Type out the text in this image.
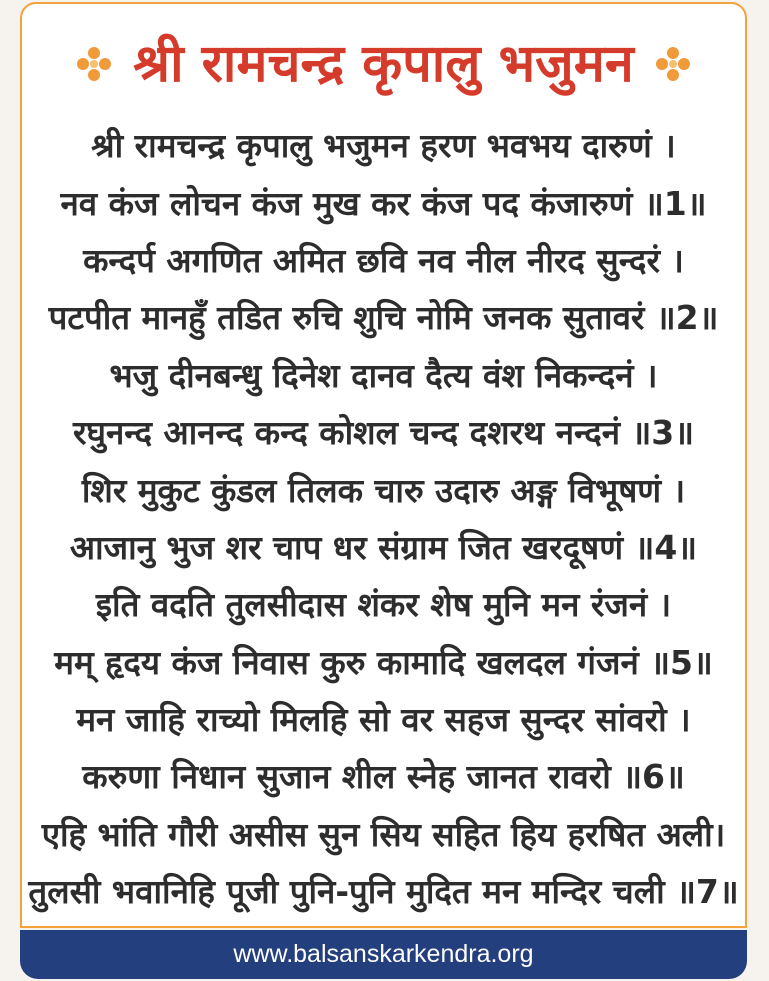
श्री रामचन्द्र कृपालु भजुमन
श्री रामचन्द्र कृपालु भजुमन हरण भवभय दारुणं ।
नव कंज लोचन कंज मुख कर कंज पद कंजारुणं ॥1॥
कन्दर्प अगणित अमित छवि नव नील नीरद सुन्दरं ।
पटपीत मानहुँ तडित रुचि शुचि नोमि जनक सुतावरं ॥2॥
भजु दीनबन्धु दिनेश दानव दैत्य वंश निकन्दनं ।
रघुनन्द आनन्द कन्द कोशल चन्द दशरथ नन्दनं ॥3॥
शिर मुकुट कुंडल तिलक चारु उदारु अङ्ग विभूषणं ।
आजानु भुज शर चाप धर संग्राम जित खरदूषणं ॥4॥
इति वदति तुलसीदास शंकर शेष मुनि मन रंजनं ।
मम् हृदय कंज निवास कुरु कामादि खलदल गंजनं ॥5॥
मन जाहि राच्यो मिलहि सो वर सहज सुन्दर सांवरो ।
करुणा निधान सुजान शील स्नेह जानत रावरो ॥6॥
एहि भांति गौरी असीस सुन सिय सहित हिय हरषित अली।
तुलसी भवानिहि पूजी पुनि-पुनि मुदित मन मन्दिर चली ॥7॥
www.balsanskarkendra.org
